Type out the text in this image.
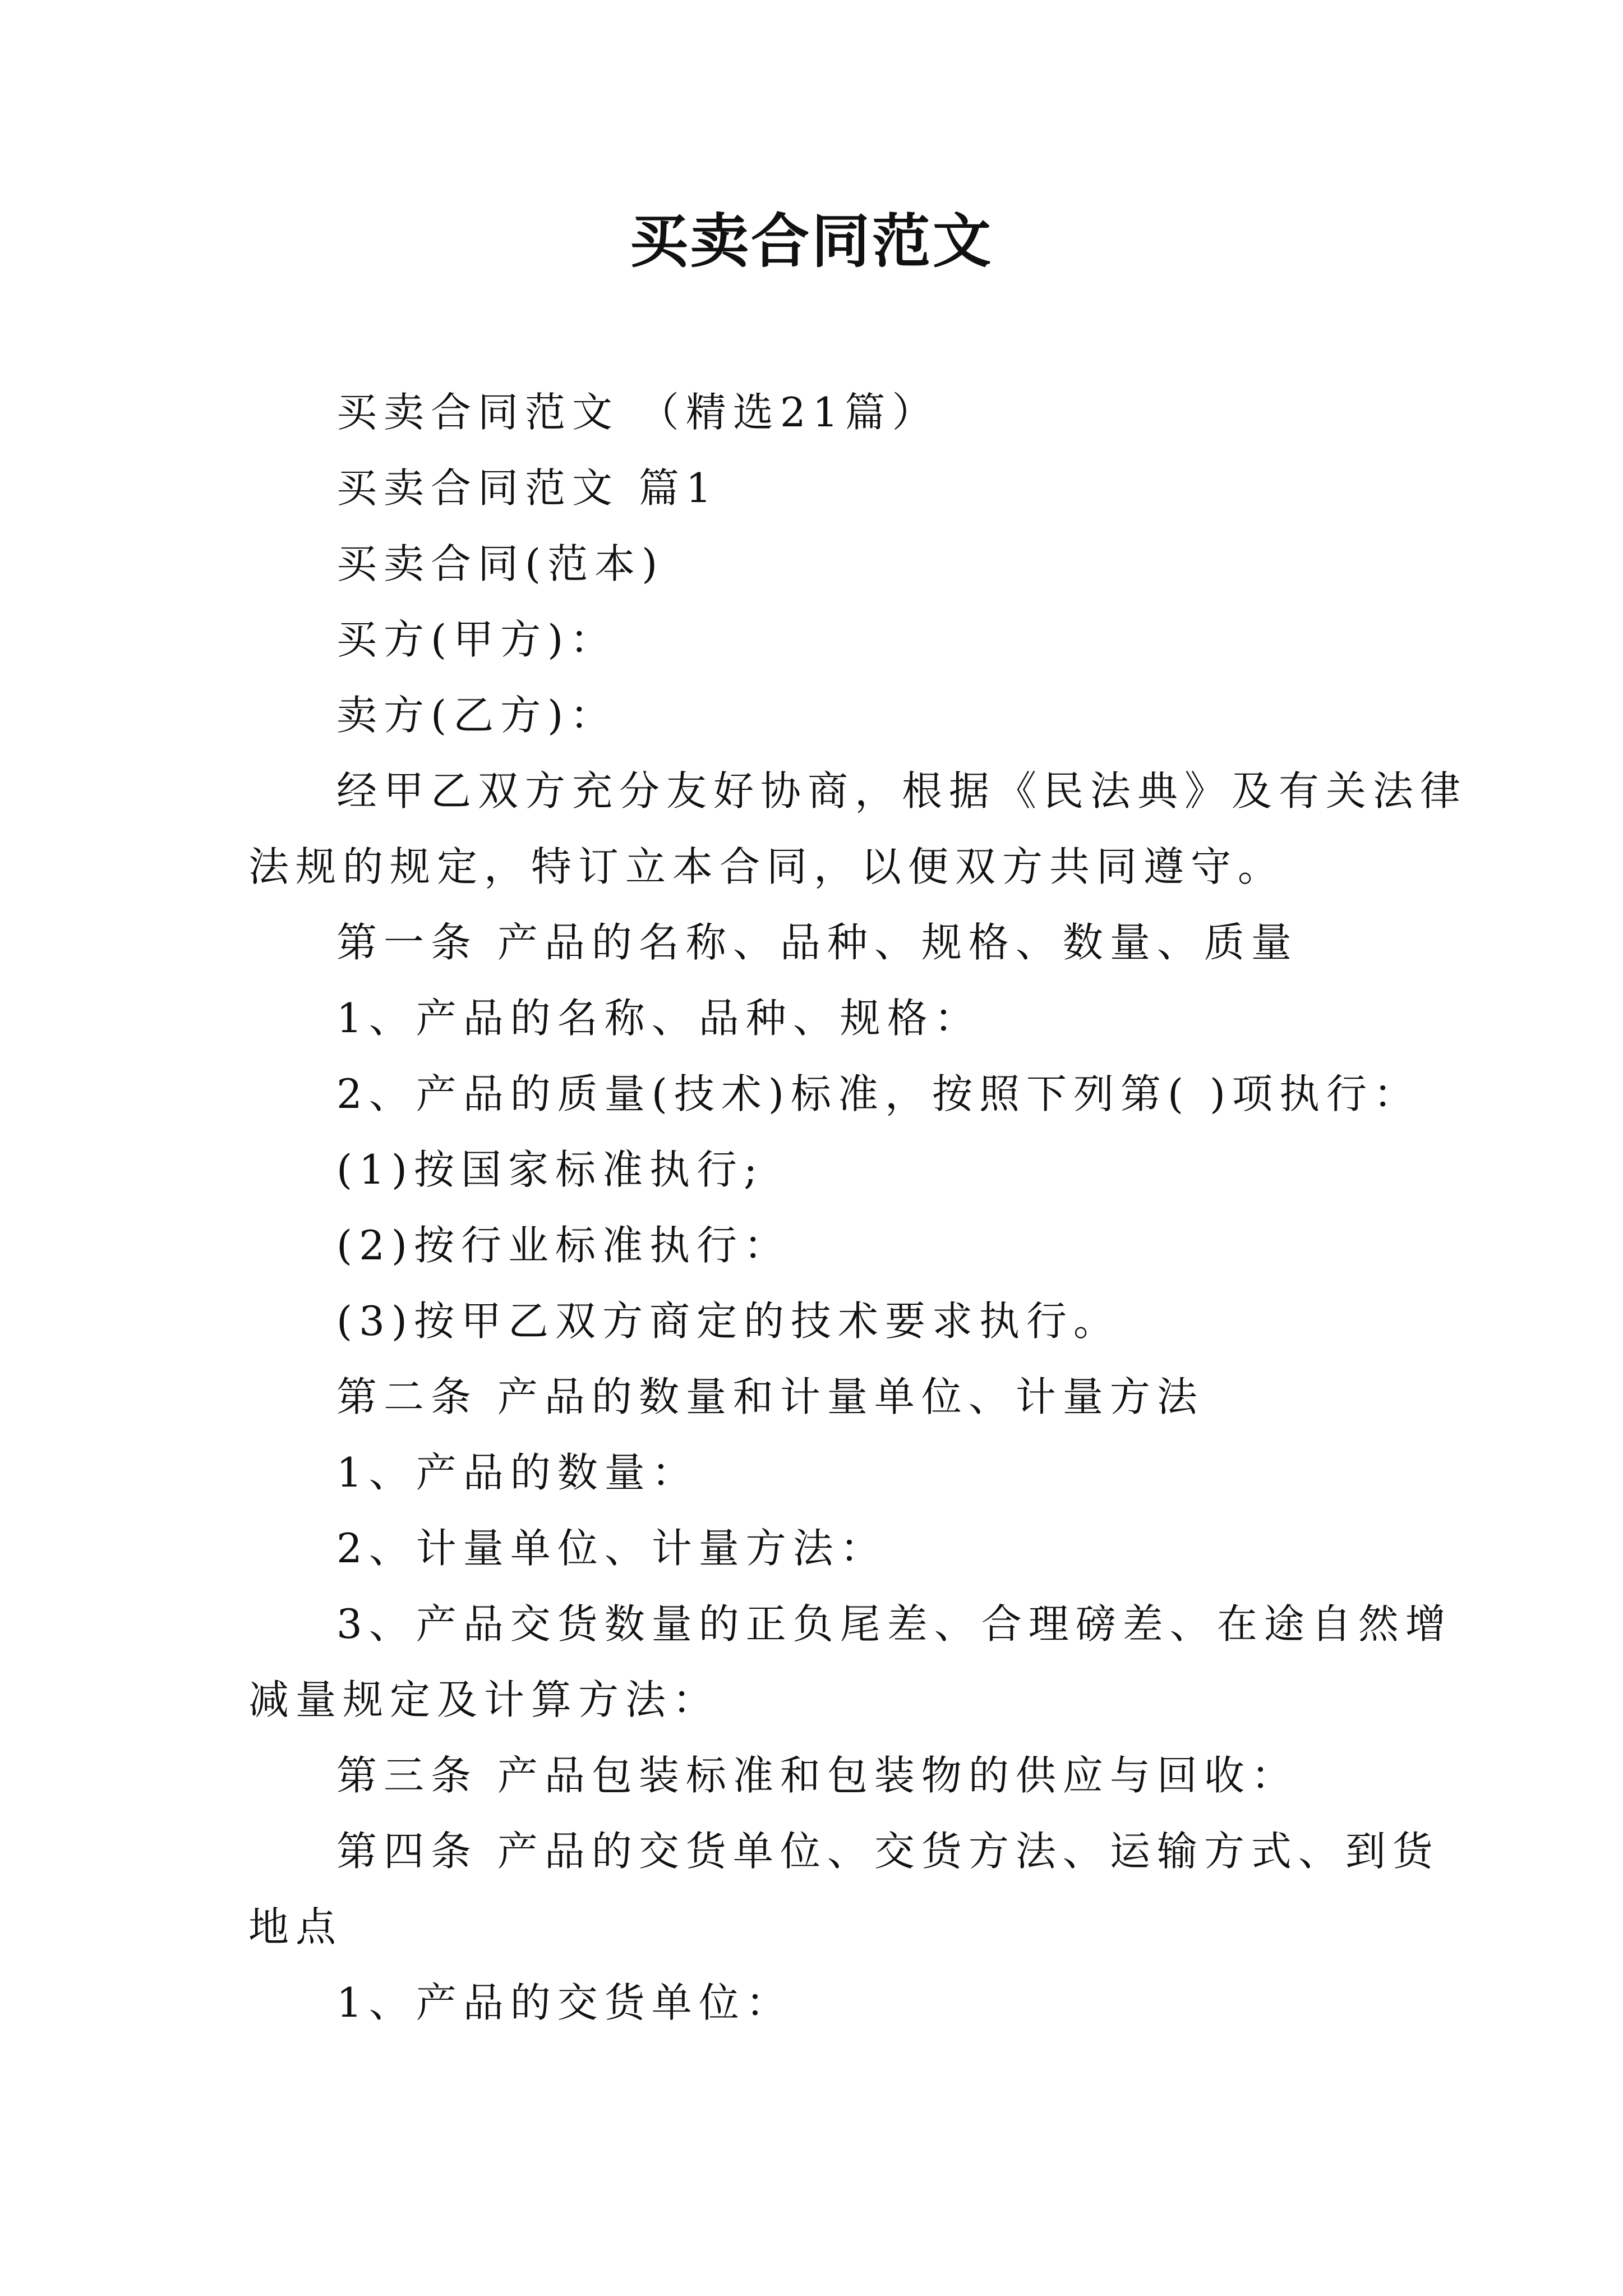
买卖合同范文
买卖合同范文 （精选21篇）
买卖合同范文 篇1
买卖合同(范本)
买方(甲方)：
卖方(乙方)：
经甲乙双方充分友好协商，根据《民法典》及有关法律
法规的规定，特订立本合同，以便双方共同遵守。
第一条 产品的名称、品种、规格、数量、质量
1、产品的名称、品种、规格：
2、产品的质量(技术)标准，按照下列第( )项执行：
(1)按国家标准执行;
(2)按行业标准执行：
(3)按甲乙双方商定的技术要求执行。
第二条 产品的数量和计量单位、计量方法
1、产品的数量：
2、计量单位、计量方法：
3、产品交货数量的正负尾差、合理磅差、在途自然增
减量规定及计算方法：
第三条 产品包装标准和包装物的供应与回收：
第四条 产品的交货单位、交货方法、运输方式、到货
地点
1、产品的交货单位：
